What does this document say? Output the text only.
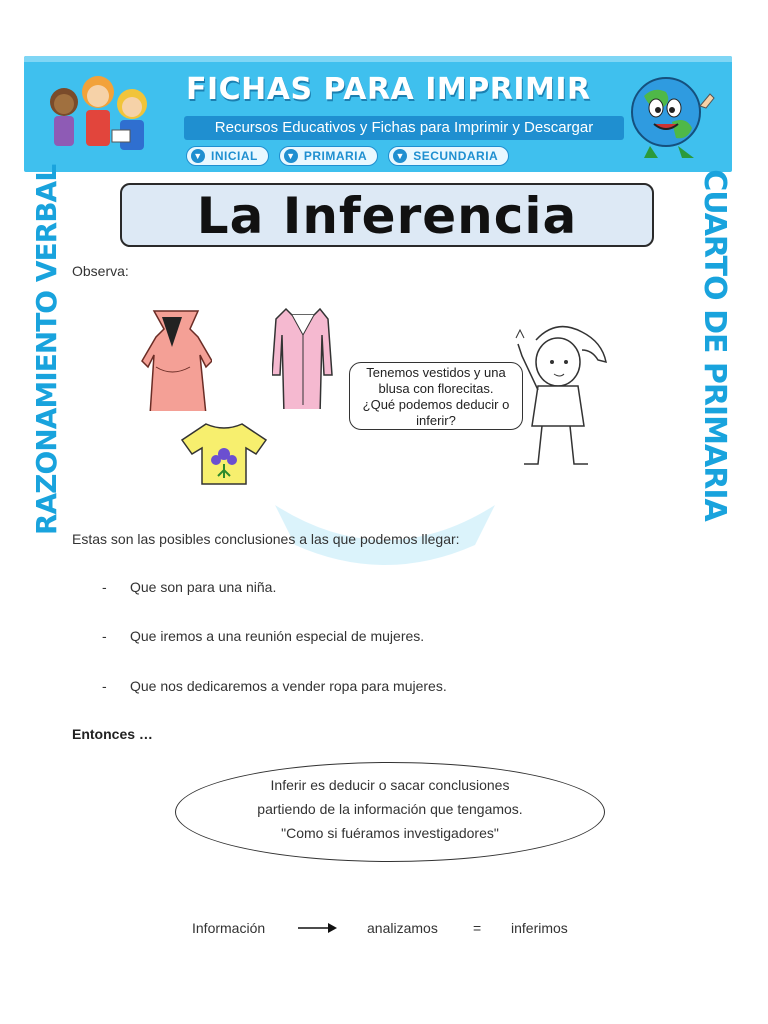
FICHAS PARA IMPRIMIR
Recursos Educativos y Fichas para Imprimir y Descargar
▼ INICIAL	▼ PRIMARIA	▼ SECUNDARIA
RAZONAMIENTO VERBAL	CUARTO DE PRIMARIA
La Inferencia
Observa:
Tenemos vestidos y una
blusa con florecitas.
¿Qué podemos deducir o
inferir?
Estas son las posibles conclusiones a las que podemos llegar:
- Que son para una niña.
- Que iremos a una reunión especial de mujeres.
- Que nos dedicaremos a vender ropa para mujeres.
Entonces …
Inferir es deducir o sacar conclusiones
partiendo de la información que tengamos.
"Como si fuéramos investigadores"
Información	analizamos	= inferimos
